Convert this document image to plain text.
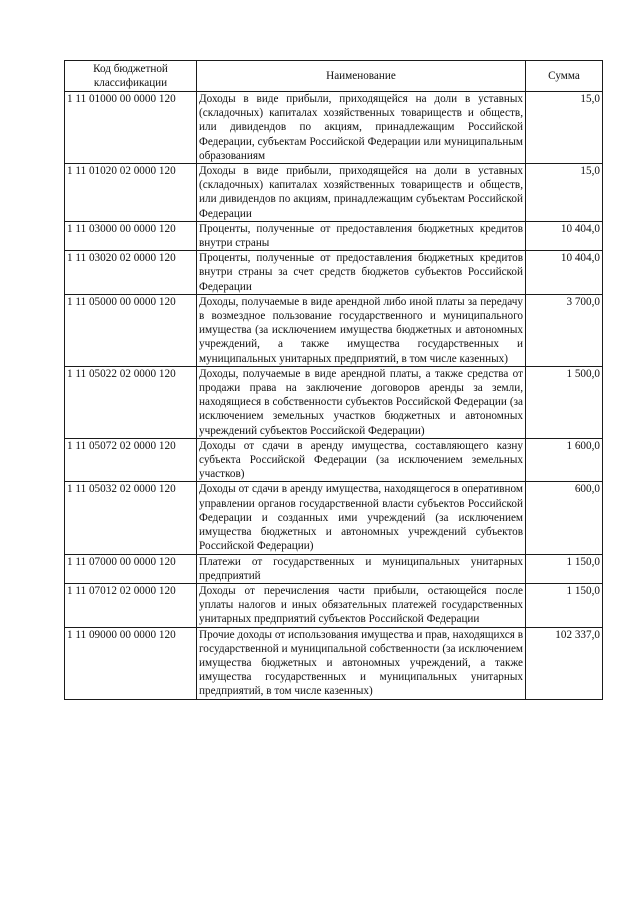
Код бюджетной классификации	Наименование	Сумма
1 11 01000 00 0000 120	Доходы в виде прибыли, приходящейся на доли в уставных (складочных) капиталах хозяйственных товариществ и обществ, или дивидендов по акциям, принадлежащим Российской Федерации, субъектам Российской Федерации или муниципальным образованиям	15,0
1 11 01020 02 0000 120	Доходы в виде прибыли, приходящейся на доли в уставных (складочных) капиталах хозяйственных товариществ и обществ, или дивидендов по акциям, принадлежащим субъектам Российской Федерации	15,0
1 11 03000 00 0000 120	Проценты, полученные от предоставления бюджетных кредитов внутри страны	10 404,0
1 11 03020 02 0000 120	Проценты, полученные от предоставления бюджетных кредитов внутри страны за счет средств бюджетов субъектов Российской Федерации	10 404,0
1 11 05000 00 0000 120	Доходы, получаемые в виде арендной либо иной платы за передачу в возмездное пользование государственного и муниципального имущества (за исключением имущества бюджетных и автономных учреждений, а также имущества государственных и муниципальных унитарных предприятий, в том числе казенных)	3 700,0
1 11 05022 02 0000 120	Доходы, получаемые в виде арендной платы, а также средства от продажи права на заключение договоров аренды за земли, находящиеся в собственности субъектов Российской Федерации (за исключением земельных участков бюджетных и автономных учреждений субъектов Российской Федерации)	1 500,0
1 11 05072 02 0000 120	Доходы от сдачи в аренду имущества, составляющего казну субъекта Российской Федерации (за исключением земельных участков)	1 600,0
1 11 05032 02 0000 120	Доходы от сдачи в аренду имущества, находящегося в оперативном управлении органов государственной власти субъектов Российской Федерации и созданных ими учреждений (за исключением имущества бюджетных и автономных учреждений субъектов Российской Федерации)	600,0
1 11 07000 00 0000 120	Платежи от государственных и муниципальных унитарных предприятий	1 150,0
1 11 07012 02 0000 120	Доходы от перечисления части прибыли, остающейся после уплаты налогов и иных обязательных платежей государственных унитарных предприятий субъектов Российской Федерации	1 150,0
1 11 09000 00 0000 120	Прочие доходы от использования имущества и прав, находящихся в государственной и муниципальной собственности (за исключением имущества бюджетных и автономных учреждений, а также имущества государственных и муниципальных унитарных предприятий, в том числе казенных)	102 337,0
